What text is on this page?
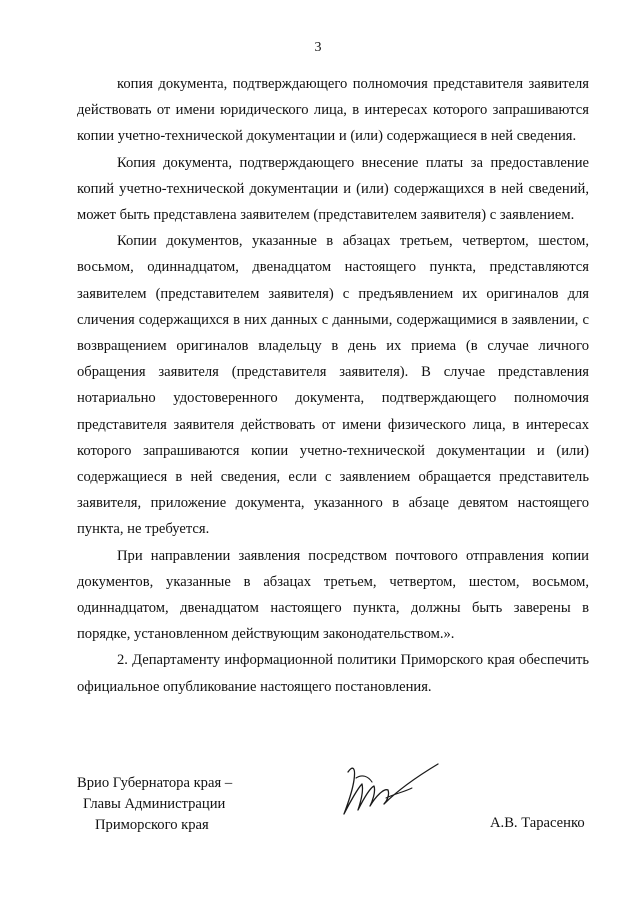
3

копия документа, подтверждающего полномочия представителя заявителя действовать от имени юридического лица, в интересах которого запрашиваются копии учетно-технической документации и (или) содержащиеся в ней сведения.

Копия документа, подтверждающего внесение платы за предоставление копий учетно-технической документации и (или) содержащихся в ней сведений, может быть представлена заявителем (представителем заявителя) с заявлением.

Копии документов, указанные в абзацах третьем, четвертом, шестом, восьмом, одиннадцатом, двенадцатом настоящего пункта, представляются заявителем (представителем заявителя) с предъявлением их оригиналов для сличения содержащихся в них данных с данными, содержащимися в заявлении, с возвращением оригиналов владельцу в день их приема (в случае личного обращения заявителя (представителя заявителя). В случае представления нотариально удостоверенного документа, подтверждающего полномочия представителя заявителя действовать от имени физического лица, в интересах которого запрашиваются копии учетно-технической документации и (или) содержащиеся в ней сведения, если с заявлением обращается представитель заявителя, приложение документа, указанного в абзаце девятом настоящего пункта, не требуется.

При направлении заявления посредством почтового отправления копии документов, указанные в абзацах третьем, четвертом, шестом, восьмом, одиннадцатом, двенадцатом настоящего пункта, должны быть заверены в порядке, установленном действующим законодательством.».

2. Департаменту информационной политики Приморского края обеспечить официальное опубликование настоящего постановления.

Врио Губернатора края –
Главы Администрации
Приморского края	А.В. Тарасенко
